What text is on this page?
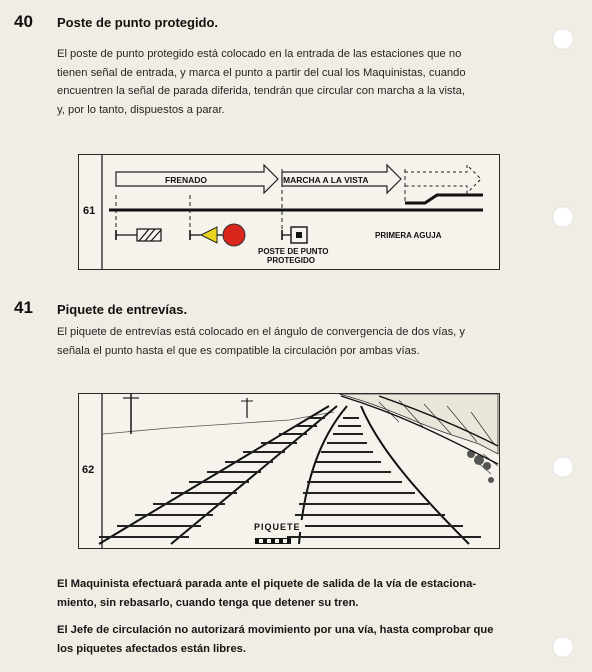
40 Poste de punto protegido.
El poste de punto protegido está colocado en la entrada de las estaciones que no
tienen señal de entrada, y marca el punto a partir del cual los Maquinistas, cuando
encuentren la señal de parada diferida, tendrán que circular con marcha a la vista,
y, por lo tanto, dispuestos a parar.
FRENADO	MARCHA A LA VISTA
POSTE DE PUNTO
PROTEGIDO
PRIMERA AGUJA
61
41 Piquete de entrevías.
El piquete de entrevías está colocado en el ángulo de convergencia de dos vías, y
señala el punto hasta el que es compatible la circulación por ambas vías.
PIQUETE
62
El Maquinista efectuará parada ante el piquete de salida de la vía de estaciona-
miento, sin rebasarlo, cuando tenga que detener su tren.
El Jefe de circulación no autorizará movimiento por una vía, hasta comprobar que
los piquetes afectados están libres.
